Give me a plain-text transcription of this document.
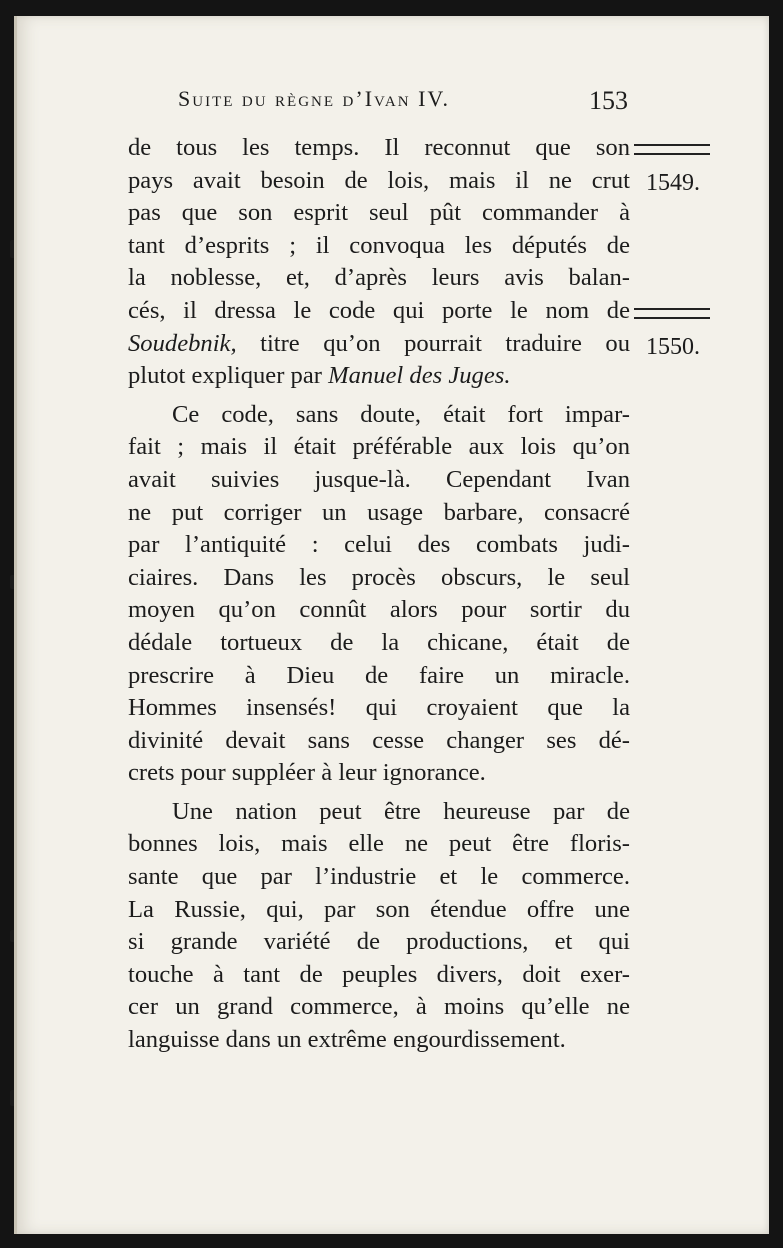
Suite du règne d’Ivan IV.	153
1549.
1550.
de tous les temps. Il reconnut que son
pays avait besoin de lois, mais il ne crut
pas que son esprit seul pût commander à
tant d’esprits ; il convoqua les députés de
la noblesse, et, d’après leurs avis balan-
cés, il dressa le code qui porte le nom de
Soudebnik, titre qu’on pourrait traduire ou
plutot expliquer par Manuel des Juges.
Ce code, sans doute, était fort impar-
fait ; mais il était préférable aux lois qu’on
avait suivies jusque-là. Cependant Ivan
ne put corriger un usage barbare, consacré
par l’antiquité : celui des combats judi-
ciaires. Dans les procès obscurs, le seul
moyen qu’on connût alors pour sortir du
dédale tortueux de la chicane, était de
prescrire à Dieu de faire un miracle.
Hommes insensés! qui croyaient que la
divinité devait sans cesse changer ses dé-
crets pour suppléer à leur ignorance.
Une nation peut être heureuse par de
bonnes lois, mais elle ne peut être floris-
sante que par l’industrie et le commerce.
La Russie, qui, par son étendue offre une
si grande variété de productions, et qui
touche à tant de peuples divers, doit exer-
cer un grand commerce, à moins qu’elle ne
languisse dans un extrême engourdissement.
